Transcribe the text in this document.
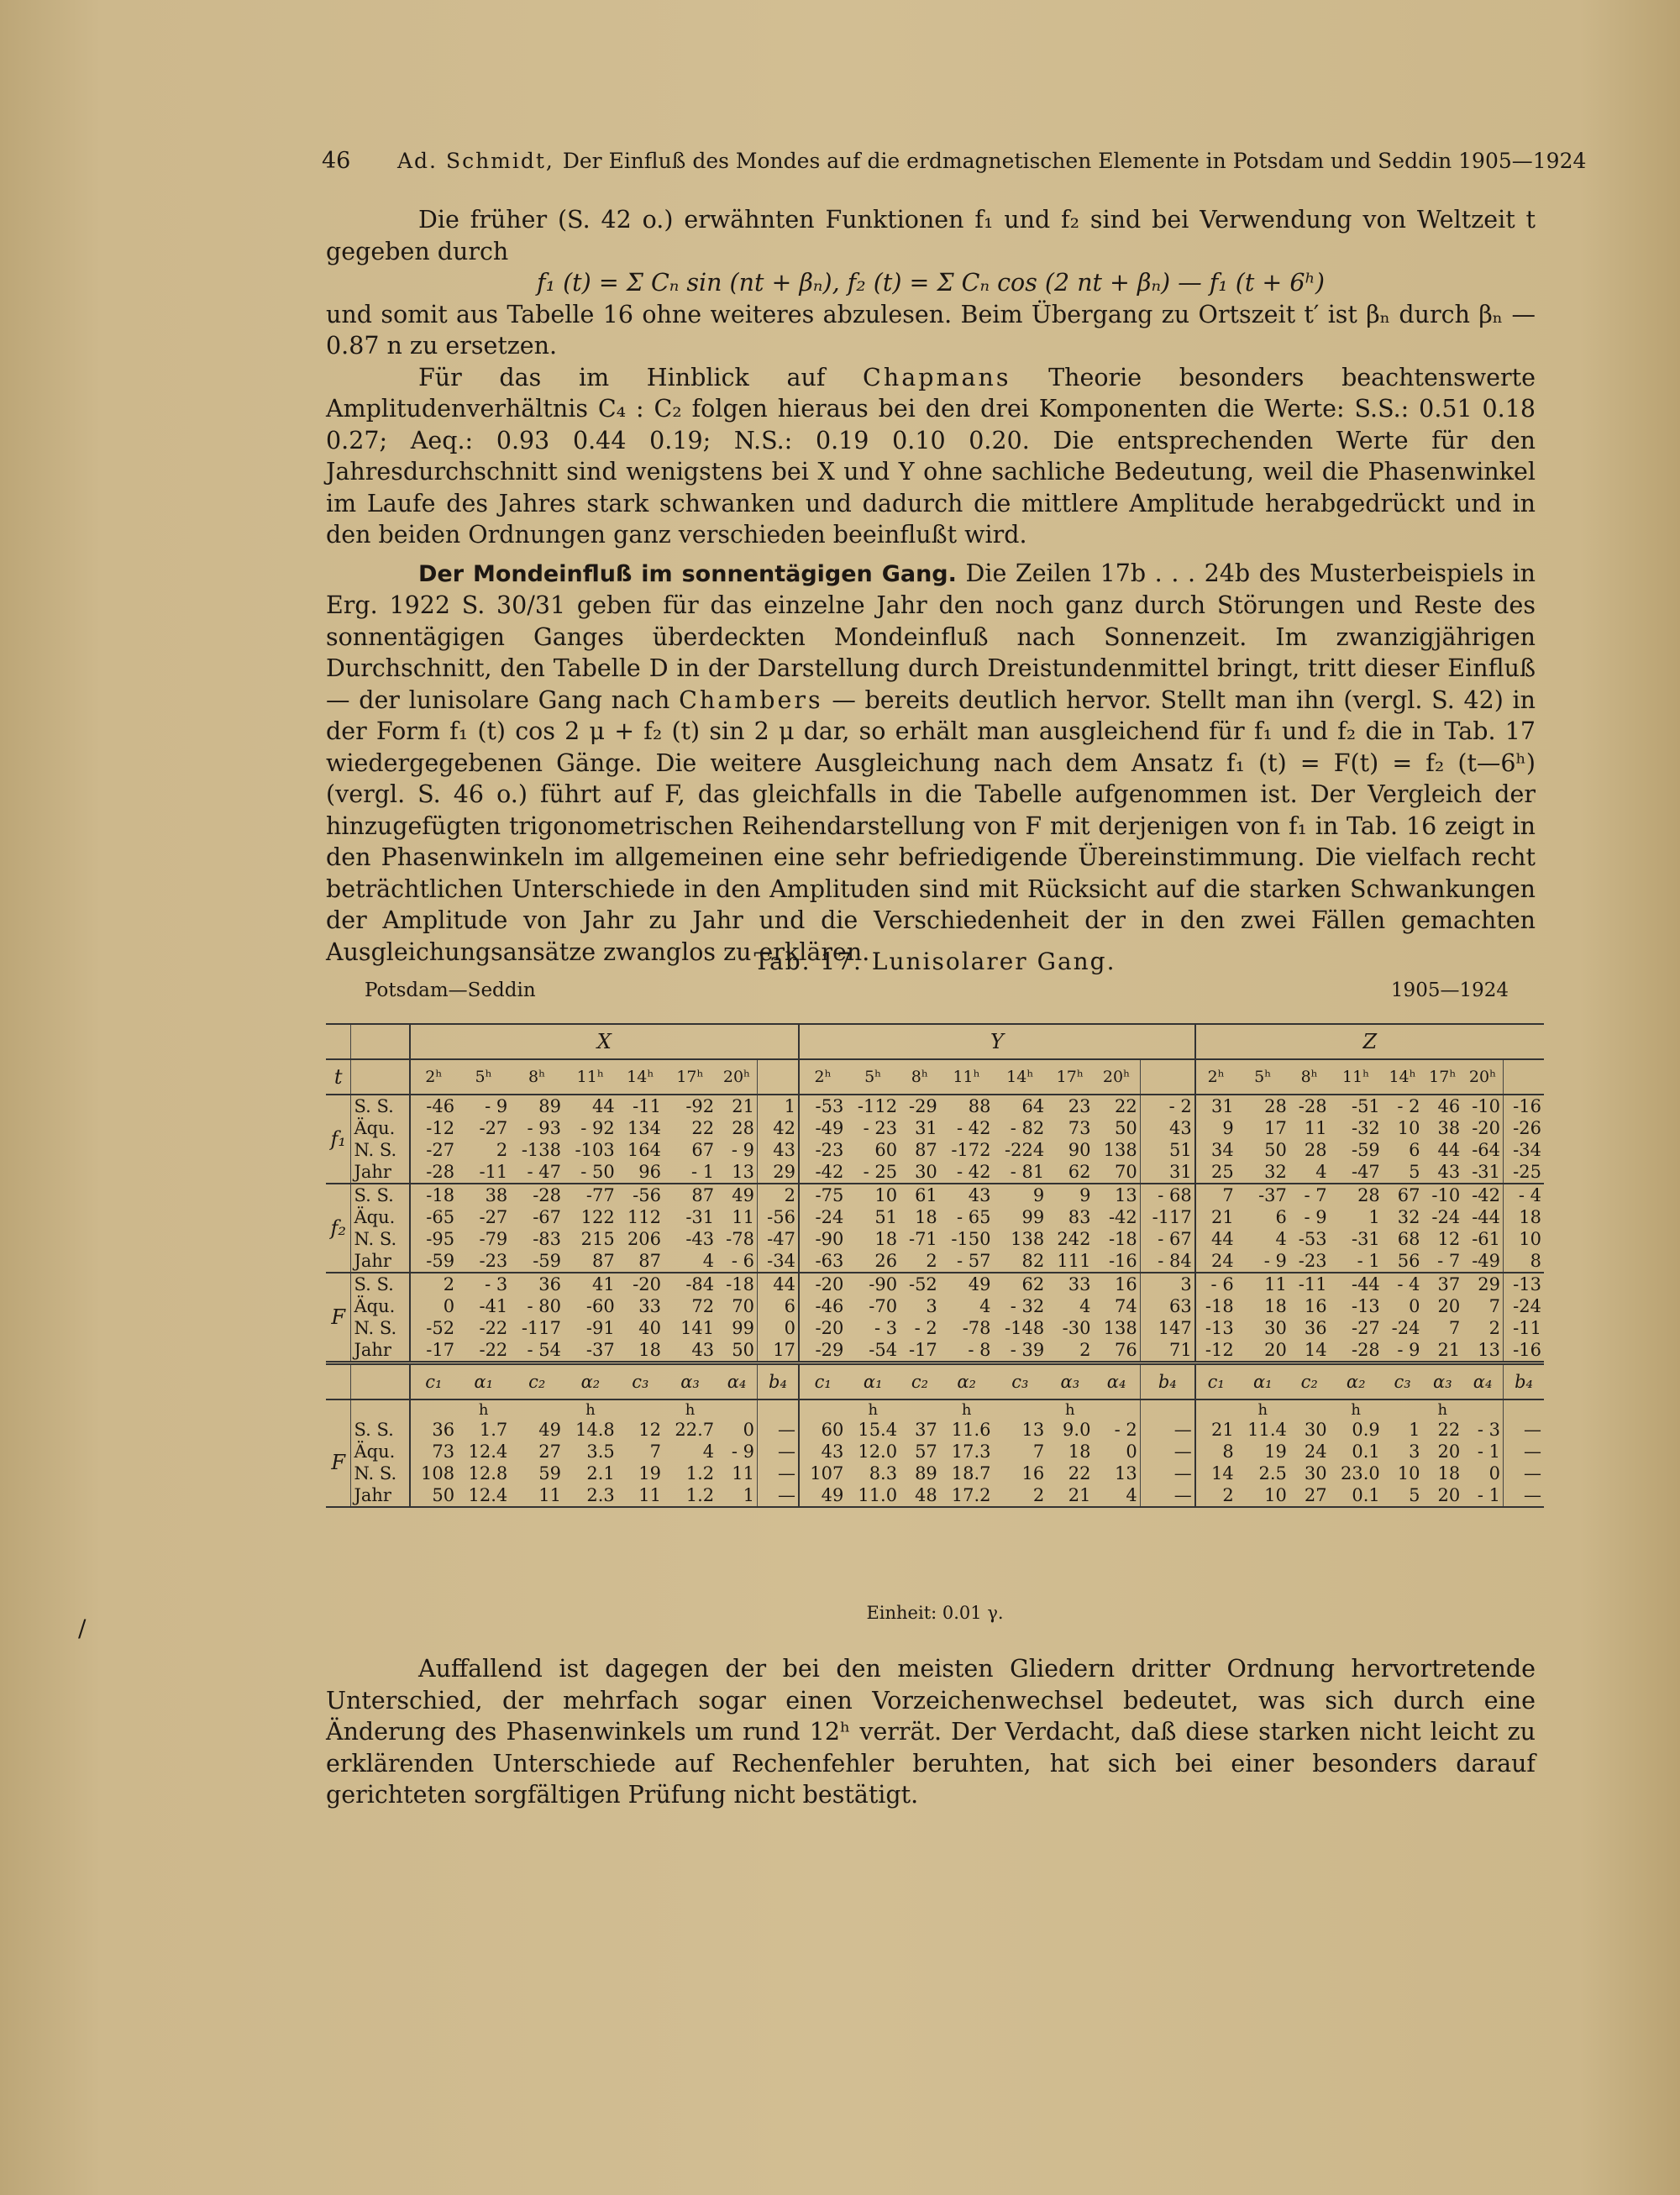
46 Ad. Schmidt, Der Einfluß des Mondes auf die erdmagnetischen Elemente in Potsdam und Seddin 1905—1924

Die früher (S. 42 o.) erwähnten Funktionen f₁ und f₂ sind bei Verwendung von Weltzeit t gegeben durch

f₁ (t) = Σ Cₙ sin (nt + βₙ), f₂ (t) = Σ Cₙ cos (2 nt + βₙ) — f₁ (t + 6ʰ)

und somit aus Tabelle 16 ohne weiteres abzulesen. Beim Übergang zu Ortszeit t′ ist βₙ durch βₙ — 0.87 n zu ersetzen.

Für das im Hinblick auf Chapmans Theorie besonders beachtenswerte Amplitudenverhältnis C₄ : C₂ folgen hieraus bei den drei Komponenten die Werte: S.S.: 0.51 0.18 0.27; Aeq.: 0.93 0.44 0.19; N.S.: 0.19 0.10 0.20. Die entsprechenden Werte für den Jahresdurchschnitt sind wenigstens bei X und Y ohne sachliche Bedeutung, weil die Phasenwinkel im Laufe des Jahres stark schwanken und dadurch die mittlere Amplitude herabgedrückt und in den beiden Ordnungen ganz verschieden beeinflußt wird.

Der Mondeinfluß im sonnentägigen Gang. Die Zeilen 17b . . . 24b des Musterbeispiels in Erg. 1922 S. 30/31 geben für das einzelne Jahr den noch ganz durch Störungen und Reste des sonnentägigen Ganges überdeckten Mondeinfluß nach Sonnenzeit. Im zwanzigjährigen Durchschnitt, den Tabelle D in der Darstellung durch Dreistundenmittel bringt, tritt dieser Einfluß — der lunisolare Gang nach Chambers — bereits deutlich hervor. Stellt man ihn (vergl. S. 42) in der Form f₁ (t) cos 2 μ + f₂ (t) sin 2 μ dar, so erhält man ausgleichend für f₁ und f₂ die in Tab. 17 wiedergegebenen Gänge. Die weitere Ausgleichung nach dem Ansatz f₁ (t) = F(t) = f₂ (t—6ʰ) (vergl. S. 46 o.) führt auf F, das gleichfalls in die Tabelle aufgenommen ist. Der Vergleich der hinzugefügten trigonometrischen Reihendarstellung von F mit derjenigen von f₁ in Tab. 16 zeigt in den Phasenwinkeln im allgemeinen eine sehr befriedigende Übereinstimmung. Die vielfach recht beträchtlichen Unterschiede in den Amplituden sind mit Rücksicht auf die starken Schwankungen der Amplitude von Jahr zu Jahr und die Verschiedenheit der in den zwei Fällen gemachten Ausgleichungsansätze zwanglos zu erklären.

Tab. 17. Lunisolarer Gang.
Potsdam—Seddin	1905—1924
		X								Y								Z							
t		2ʰ	5ʰ	8ʰ	11ʰ	14ʰ	17ʰ	20ʰ		2ʰ	5ʰ	8ʰ	11ʰ	14ʰ	17ʰ	20ʰ		2ʰ	5ʰ	8ʰ	11ʰ	14ʰ	17ʰ	20ʰ	
f₁	S. S.	-46	- 9	89	44	-11	-92	21	1	-53	-112	-29	88	64	23	22	- 2	31	28	-28	-51	- 2	46	-10	-16
	Äqu.	-12	-27	- 93	- 92	134	22	28	42	-49	- 23	31	- 42	- 82	73	50	43	9	17	11	-32	10	38	-20	-26
	N. S.	-27	2	-138	-103	164	67	- 9	43	-23	60	87	-172	-224	90	138	51	34	50	28	-59	6	44	-64	-34
	Jahr	-28	-11	- 47	- 50	96	- 1	13	29	-42	- 25	30	- 42	- 81	62	70	31	25	32	4	-47	5	43	-31	-25
f₂	S. S.	-18	38	-28	-77	-56	87	49	2	-75	10	61	43	9	9	13	- 68	7	-37	- 7	28	67	-10	-42	- 4
	Äqu.	-65	-27	-67	122	112	-31	11	-56	-24	51	18	- 65	99	83	-42	-117	21	6	- 9	1	32	-24	-44	18
	N. S.	-95	-79	-83	215	206	-43	-78	-47	-90	18	-71	-150	138	242	-18	- 67	44	4	-53	-31	68	12	-61	10
	Jahr	-59	-23	-59	87	87	4	- 6	-34	-63	26	2	- 57	82	111	-16	- 84	24	- 9	-23	- 1	56	- 7	-49	8
F	S. S.	2	- 3	36	41	-20	-84	-18	44	-20	-90	-52	49	62	33	16	3	- 6	11	-11	-44	- 4	37	29	-13
	Äqu.	0	-41	- 80	-60	33	72	70	6	-46	-70	3	4	- 32	4	74	63	-18	18	16	-13	0	20	7	-24
	N. S.	-52	-22	-117	-91	40	141	99	0	-20	- 3	- 2	-78	-148	-30	138	147	-13	30	36	-27	-24	7	2	-11
	Jahr	-17	-22	- 54	-37	18	43	50	17	-29	-54	-17	- 8	- 39	2	76	71	-12	20	14	-28	- 9	21	13	-16
		c₁	α₁	c₂	α₂	c₃	α₃	α₄	b₄	c₁	α₁	c₂	α₂	c₃	α₃	α₄	b₄	c₁	α₁	c₂	α₂	c₃	α₃	α₄	b₄
			h		h		h				h		h		h				h		h		h		
F	S. S.	36	1.7	49	14.8	12	22.7	0	—	60	15.4	37	11.6	13	9.0	- 2	—	21	11.4	30	0.9	1	22	- 3	—
	Äqu.	73	12.4	27	3.5	7	4	- 9	—	43	12.0	57	17.3	7	18	0	—	8	19	24	0.1	3	20	- 1	—
	N. S.	108	12.8	59	2.1	19	1.2	11	—	107	8.3	89	18.7	16	22	13	—	14	2.5	30	23.0	10	18	0	—
	Jahr	50	12.4	11	2.3	11	1.2	1	—	49	11.0	48	17.2	2	21	4	—	2	10	27	0.1	5	20	- 1	—
Einheit: 0.01 γ.

Auffallend ist dagegen der bei den meisten Gliedern dritter Ordnung hervortretende Unterschied, der mehrfach sogar einen Vorzeichenwechsel bedeutet, was sich durch eine Änderung des Phasenwinkels um rund 12ʰ verrät. Der Verdacht, daß diese starken nicht leicht zu erklärenden Unterschiede auf Rechenfehler beruhten, hat sich bei einer besonders darauf gerichteten sorgfältigen Prüfung nicht bestätigt.

/
